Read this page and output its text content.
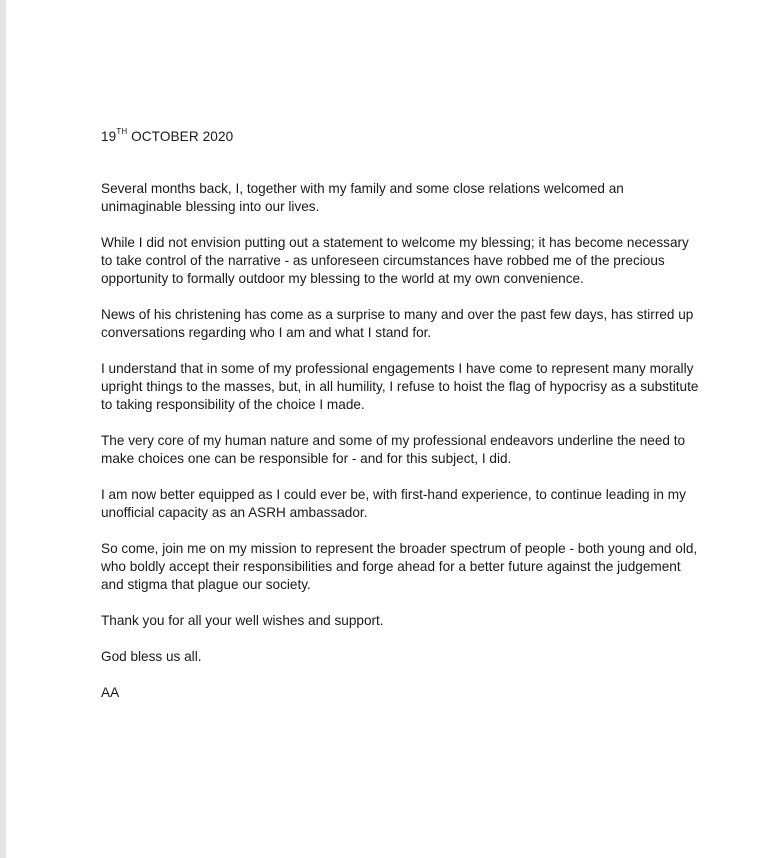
19TH OCTOBER 2020

Several months back, I, together with my family and some close relations welcomed an unimaginable blessing into our lives.

While I did not envision putting out a statement to welcome my blessing; it has become necessary to take control of the narrative - as unforeseen circumstances have robbed me of the precious opportunity to formally outdoor my blessing to the world at my own convenience.

News of his christening has come as a surprise to many and over the past few days, has stirred up conversations regarding who I am and what I stand for.

I understand that in some of my professional engagements I have come to represent many morally upright things to the masses, but, in all humility, I refuse to hoist the flag of hypocrisy as a substitute to taking responsibility of the choice I made.

The very core of my human nature and some of my professional endeavors underline the need to make choices one can be responsible for - and for this subject, I did.

I am now better equipped as I could ever be, with first-hand experience, to continue leading in my unofficial capacity as an ASRH ambassador.

So come, join me on my mission to represent the broader spectrum of people - both young and old, who boldly accept their responsibilities and forge ahead for a better future against the judgement and stigma that plague our society.

Thank you for all your well wishes and support.

God bless us all.

AA
